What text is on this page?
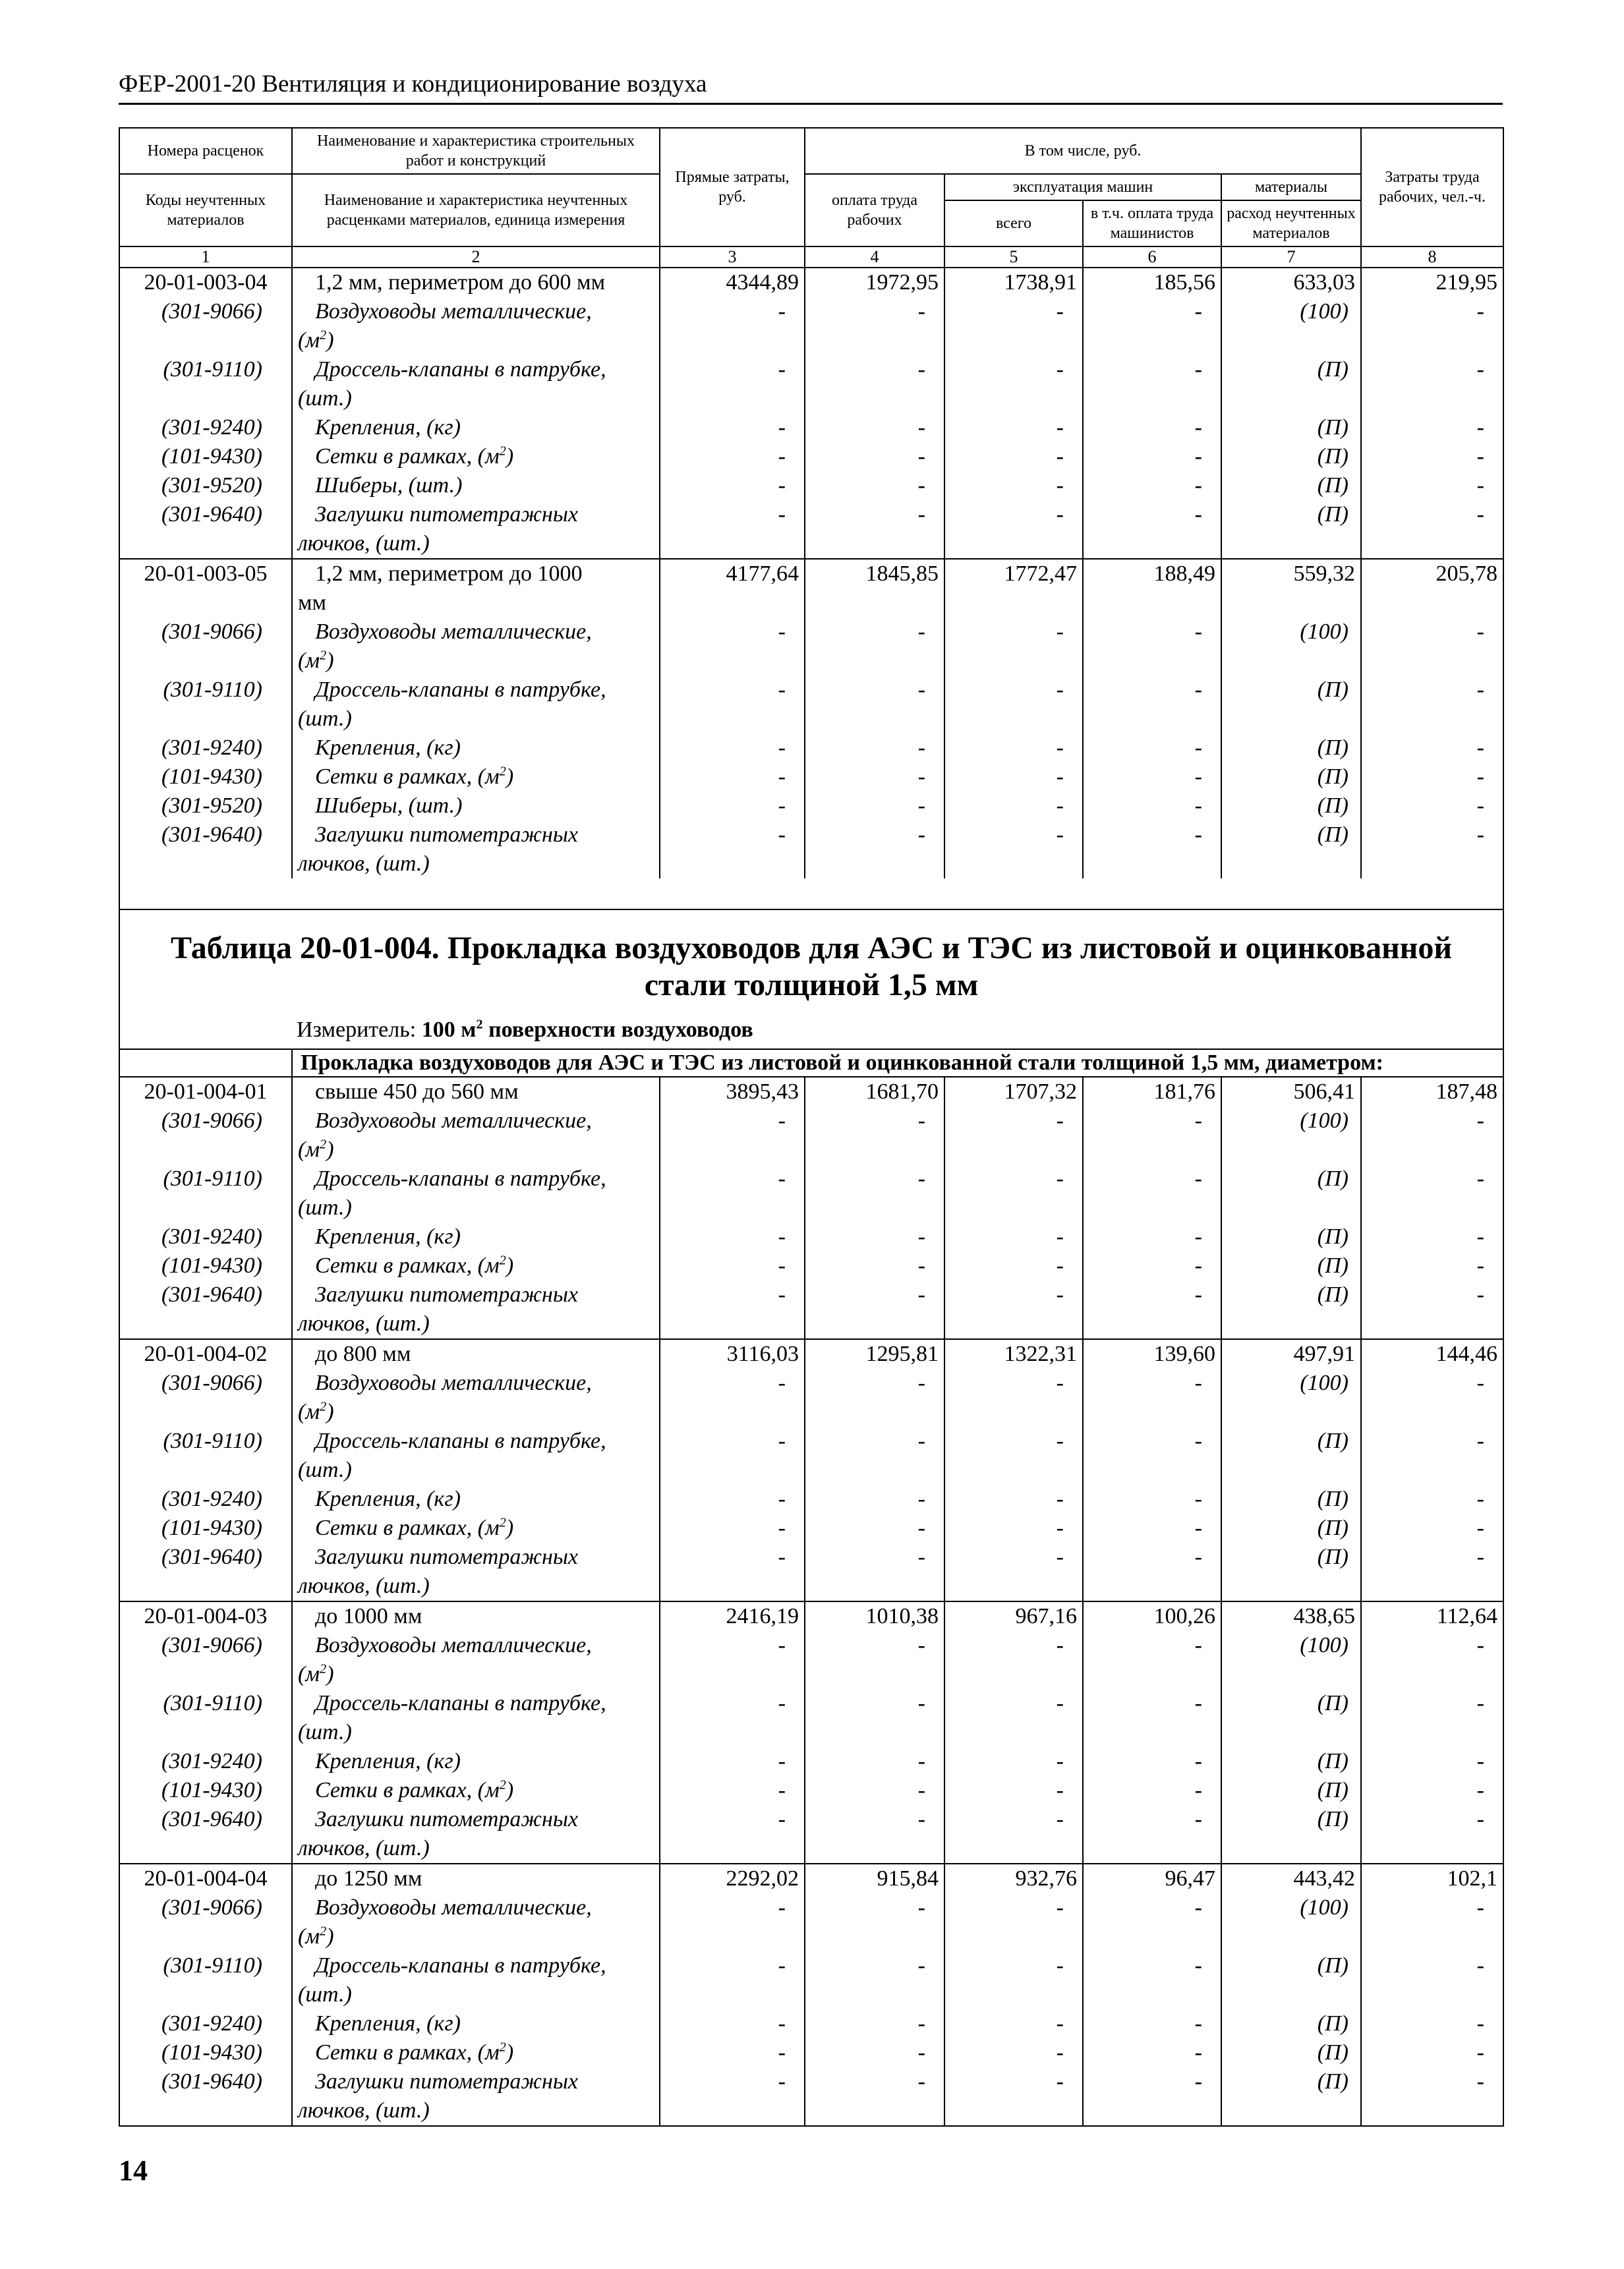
ФЕР-2001-20 Вентиляция и кондиционирование воздуха
Номера расценок	Наименование и характеристика строительных работ и конструкций	Прямые затраты, руб.	В том числе, руб.				Затраты труда рабочих, чел.-ч.
Коды неучтенных материалов	Наименование и характеристика неучтенных расценками материалов, единица измерения		оплата труда рабочих	эксплуатация машин		материалы	
				всего	в т.ч. оплата труда машинистов	расход неучтенных материалов	
1	2	3	4	5	6	7	8
20-01-003-04	1,2 мм, периметром до 600 мм	4344,89	1972,95	1738,91	185,56	633,03	219,95
(301-9066)	Воздуховоды металлические,
$(м^2)$	-	-	-	-	(100)	-
(301-9110)	Дроссель-клапаны в патрубке,
(шт.)	-	-	-	-	(П)	-
(301-9240)	Крепления, (кг)	-	-	-	-	(П)	-
(101-9430)	Сетки в рамках, $(м^2)$	-	-	-	-	(П)	-
(301-9520)	Шиберы, (шт.)	-	-	-	-	(П)	-
(301-9640)	Заглушки питометражных
лючков, (шт.)	-	-	-	-	(П)	-
20-01-003-05	1,2 мм, периметром до 1000
мм	4177,64	1845,85	1772,47	188,49	559,32	205,78
(301-9066)	Воздуховоды металлические,
$(м^2)$	-	-	-	-	(100)	-
(301-9110)	Дроссель-клапаны в патрубке,
(шт.)	-	-	-	-	(П)	-
(301-9240)	Крепления, (кг)	-	-	-	-	(П)	-
(101-9430)	Сетки в рамках, $(м^2)$	-	-	-	-	(П)	-
(301-9520)	Шиберы, (шт.)	-	-	-	-	(П)	-
(301-9640)	Заглушки питометражных
лючков, (шт.)	-	-	-	-	(П)	-

Таблица 20-01-004. Прокладка воздуховодов для АЭС и ТЭС из листовой и оцинкованной
стали толщиной 1,5 мм
Измеритель: 100 $м^2$ поверхности воздуховодов							

	Прокладка воздуховодов для АЭС и ТЭС из листовой и оцинкованной стали толщиной 1,5 мм, диаметром:						
20-01-004-01	свыше 450 до 560 мм	3895,43	1681,70	1707,32	181,76	506,41	187,48
(301-9066)	Воздуховоды металлические,
$(м^2)$	-	-	-	-	(100)	-
(301-9110)	Дроссель-клапаны в патрубке,
(шт.)	-	-	-	-	(П)	-
(301-9240)	Крепления, (кг)	-	-	-	-	(П)	-
(101-9430)	Сетки в рамках, $(м^2)$	-	-	-	-	(П)	-
(301-9640)	Заглушки питометражных
лючков, (шт.)	-	-	-	-	(П)	-
20-01-004-02	до 800 мм	3116,03	1295,81	1322,31	139,60	497,91	144,46
(301-9066)	Воздуховоды металлические,
$(м^2)$	-	-	-	-	(100)	-
(301-9110)	Дроссель-клапаны в патрубке,
(шт.)	-	-	-	-	(П)	-
(301-9240)	Крепления, (кг)	-	-	-	-	(П)	-
(101-9430)	Сетки в рамках, $(м^2)$	-	-	-	-	(П)	-
(301-9640)	Заглушки питометражных
лючков, (шт.)	-	-	-	-	(П)	-
20-01-004-03	до 1000 мм	2416,19	1010,38	967,16	100,26	438,65	112,64
(301-9066)	Воздуховоды металлические,
$(м^2)$	-	-	-	-	(100)	-
(301-9110)	Дроссель-клапаны в патрубке,
(шт.)	-	-	-	-	(П)	-
(301-9240)	Крепления, (кг)	-	-	-	-	(П)	-
(101-9430)	Сетки в рамках, $(м^2)$	-	-	-	-	(П)	-
(301-9640)	Заглушки питометражных
лючков, (шт.)	-	-	-	-	(П)	-
20-01-004-04	до 1250 мм	2292,02	915,84	932,76	96,47	443,42	102,1
(301-9066)	Воздуховоды металлические,
$(м^2)$	-	-	-	-	(100)	-
(301-9110)	Дроссель-клапаны в патрубке,
(шт.)	-	-	-	-	(П)	-
(301-9240)	Крепления, (кг)	-	-	-	-	(П)	-
(101-9430)	Сетки в рамках, $(м^2)$	-	-	-	-	(П)	-
(301-9640)	Заглушки питометражных
лючков, (шт.)	-	-	-	-	(П)	-
14
